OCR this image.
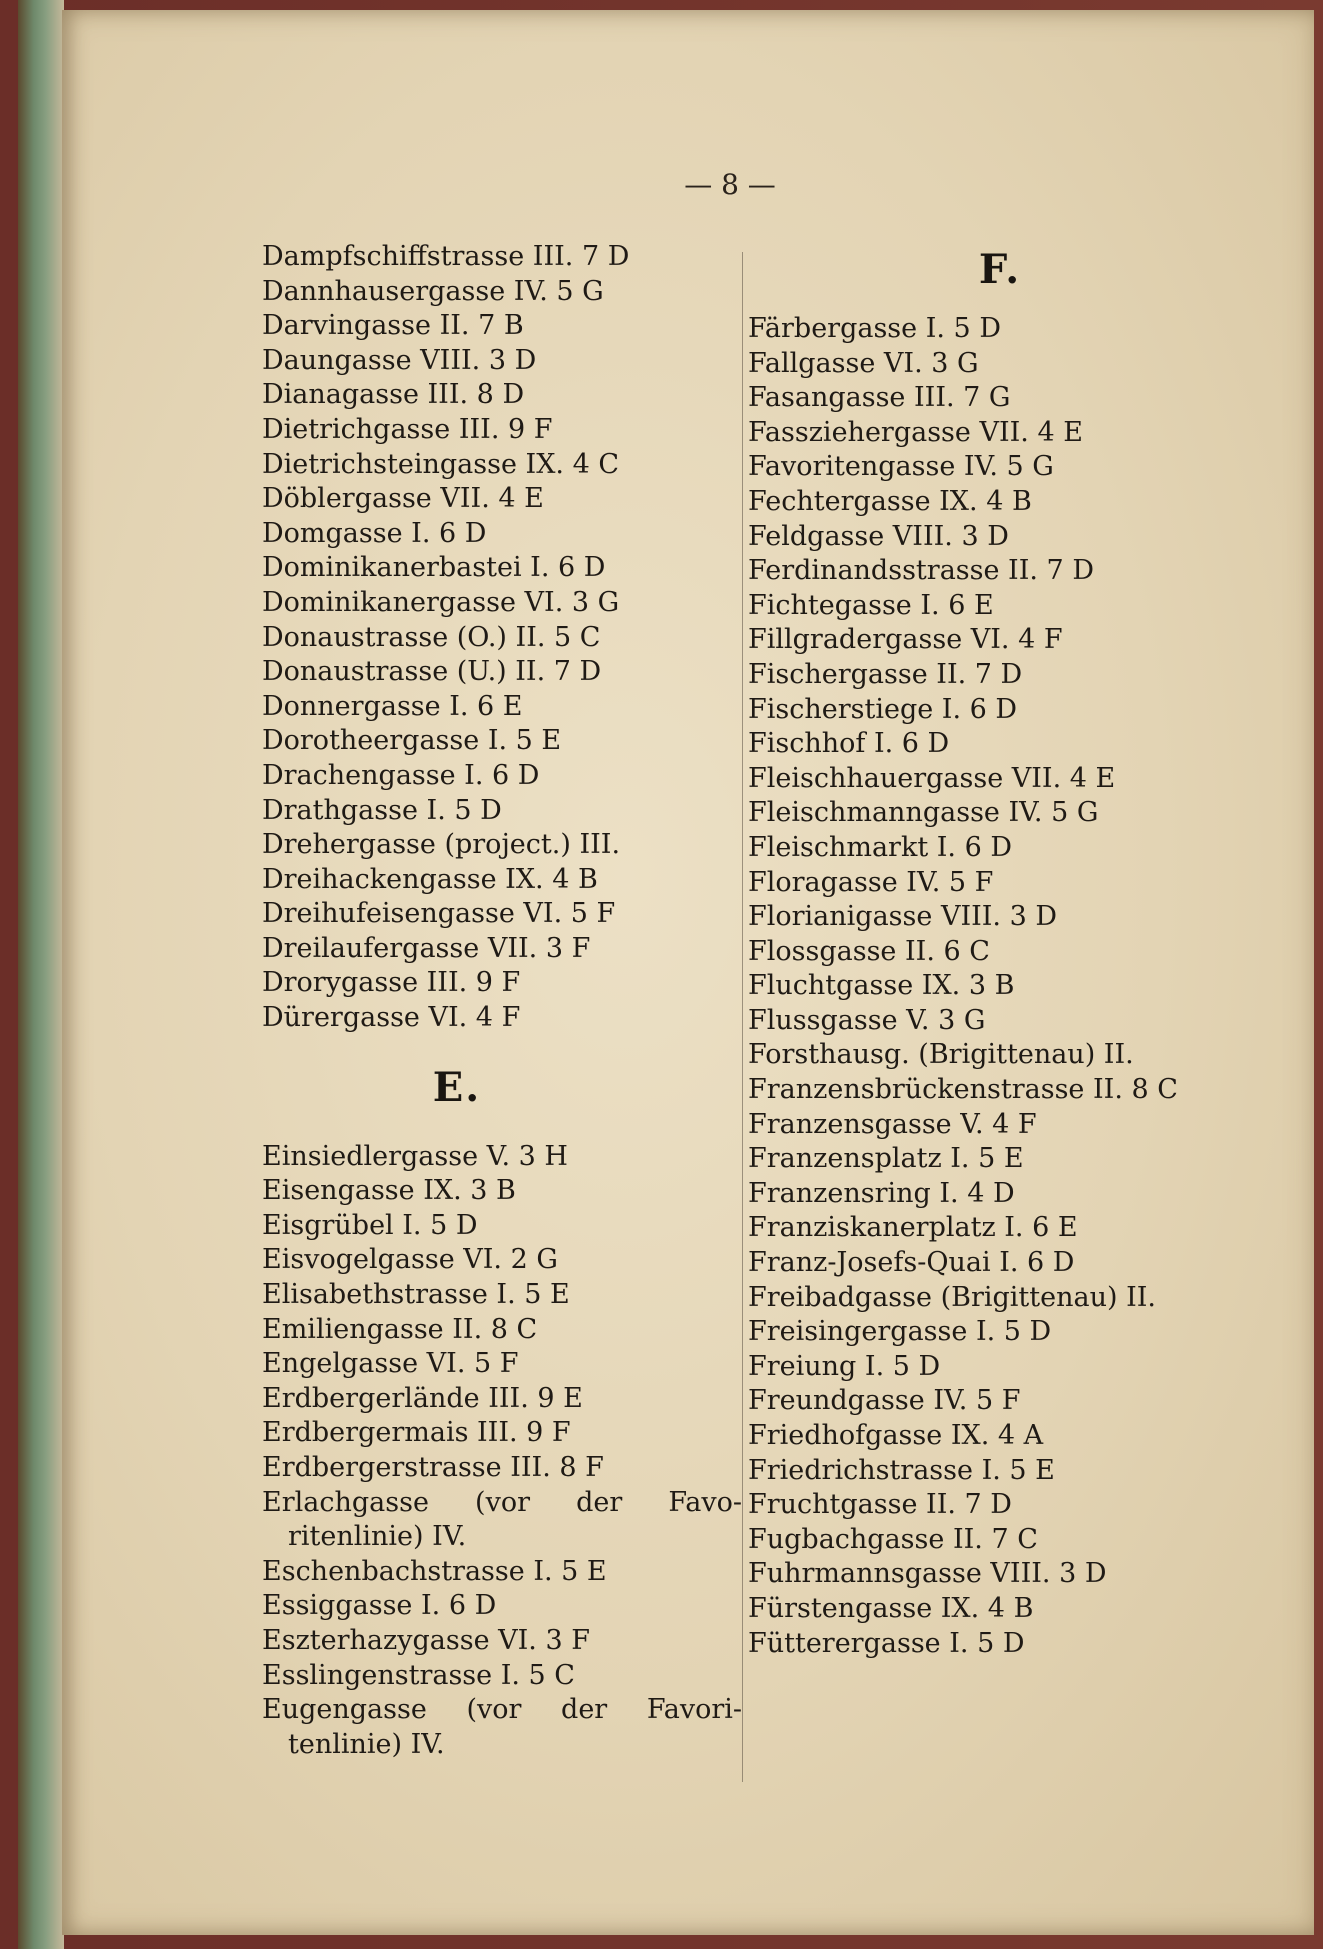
— 8 —
Dampfschiffstrasse III. 7 D
Dannhausergasse IV. 5 G
Darvingasse II. 7 B
Daungasse VIII. 3 D
Dianagasse III. 8 D
Dietrichgasse III. 9 F
Dietrichsteingasse IX. 4 C
Döblergasse VII. 4 E
Domgasse I. 6 D
Dominikanerbastei I. 6 D
Dominikanergasse VI. 3 G
Donaustrasse (O.) II. 5 C
Donaustrasse (U.) II. 7 D
Donnergasse I. 6 E
Dorotheergasse I. 5 E
Drachengasse I. 6 D
Drathgasse I. 5 D
Drehergasse (project.) III.
Dreihackengasse IX. 4 B
Dreihufeisengasse VI. 5 F
Dreilaufergasse VII. 3 F
Drorygasse III. 9 F
Dürergasse VI. 4 F
E.
Einsiedlergasse V. 3 H
Eisengasse IX. 3 B
Eisgrübel I. 5 D
Eisvogelgasse VI. 2 G
Elisabethstrasse I. 5 E
Emiliengasse II. 8 C
Engelgasse VI. 5 F
Erdbergerlände III. 9 E
Erdbergermais III. 9 F
Erdbergerstrasse III. 8 F
Erlachgasse (vor der Favo-
ritenlinie) IV.
Eschenbachstrasse I. 5 E
Essiggasse I. 6 D
Eszterhazygasse VI. 3 F
Esslingenstrasse I. 5 C
Eugengasse (vor der Favori-
tenlinie) IV.
F.
Färbergasse I. 5 D
Fallgasse VI. 3 G
Fasangasse III. 7 G
Fassziehergasse VII. 4 E
Favoritengasse IV. 5 G
Fechtergasse IX. 4 B
Feldgasse VIII. 3 D
Ferdinandsstrasse II. 7 D
Fichtegasse I. 6 E
Fillgradergasse VI. 4 F
Fischergasse II. 7 D
Fischerstiege I. 6 D
Fischhof I. 6 D
Fleischhauergasse VII. 4 E
Fleischmanngasse IV. 5 G
Fleischmarkt I. 6 D
Floragasse IV. 5 F
Florianigasse VIII. 3 D
Flossgasse II. 6 C
Fluchtgasse IX. 3 B
Flussgasse V. 3 G
Forsthausg. (Brigittenau) II.
Franzensbrückenstrasse II. 8 C
Franzensgasse V. 4 F
Franzensplatz I. 5 E
Franzensring I. 4 D
Franziskanerplatz I. 6 E
Franz-Josefs-Quai I. 6 D
Freibadgasse (Brigittenau) II.
Freisingergasse I. 5 D
Freiung I. 5 D
Freundgasse IV. 5 F
Friedhofgasse IX. 4 A
Friedrichstrasse I. 5 E
Fruchtgasse II. 7 D
Fugbachgasse II. 7 C
Fuhrmannsgasse VIII. 3 D
Fürstengasse IX. 4 B
Fütterergasse I. 5 D
